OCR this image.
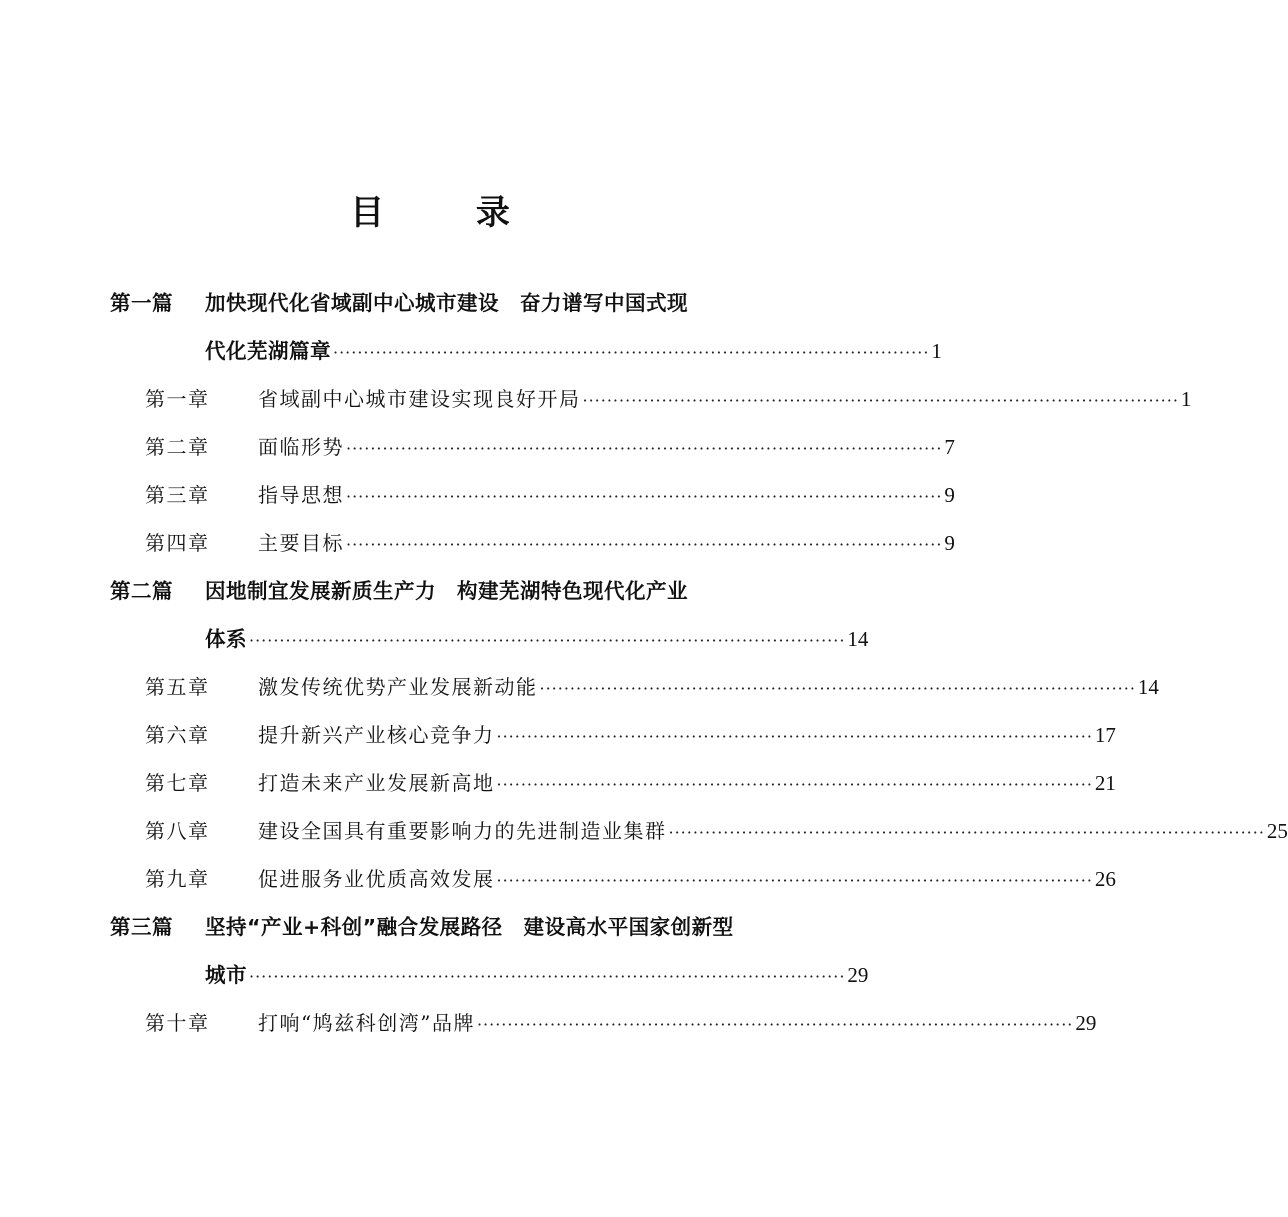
目 录
第一篇 加快现代化省域副中心城市建设　奋力谱写中国式现
代化芜湖篇章 ·································································································· 1
第一章 省域副中心城市建设实现良好开局 ·································································································· 1
第二章 面临形势 ·································································································· 7
第三章 指导思想 ·································································································· 9
第四章 主要目标 ·································································································· 9
第二篇 因地制宜发展新质生产力　构建芜湖特色现代化产业
体系 ·································································································· 14
第五章 激发传统优势产业发展新动能 ·································································································· 14
第六章 提升新兴产业核心竞争力 ·································································································· 17
第七章 打造未来产业发展新高地 ·································································································· 21
第八章 建设全国具有重要影响力的先进制造业集群 ·································································································· 25
第九章 促进服务业优质高效发展 ·································································································· 26
第三篇 坚持“产业+科创”融合发展路径　建设高水平国家创新型
城市 ·································································································· 29
第十章 打响“鸠兹科创湾”品牌 ·································································································· 29
